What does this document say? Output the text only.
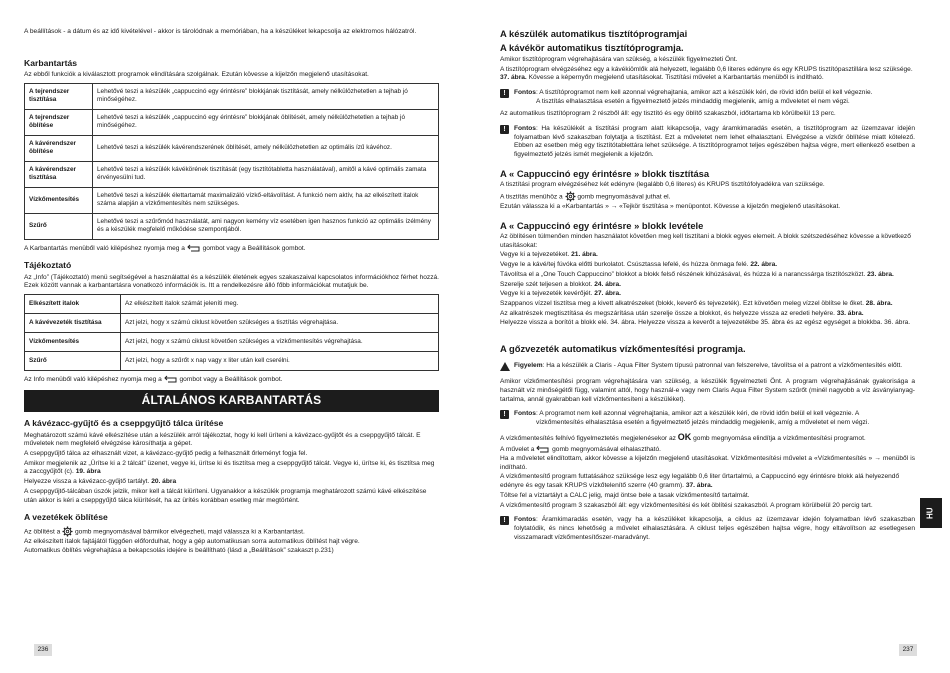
A beállítások - a dátum és az idő kivételével - akkor is tárolódnak a memóriában, ha a készüléket lekapcsolja az elektromos hálózatról.

Karbantartás

Az ebből funkciók a kiválasztott programok elindítására szolgálnak. Ezután kövesse a kijelzőn megjelenő utasításokat.

A tejrendszer tisztítása	Lehetővé teszi a készülék „cappuccinó egy érintésre” blokkjának tisztítását, amely nélkülözhetetlen a tejhab jó minőségéhez.
A tejrendszer öblítése	Lehetővé teszi a készülék „cappuccinó egy érintésre” blokkjának öblítését, amely nélkülözhetetlen a tejhab jó minőségéhez.
A kávérendszer öblítése	Lehetővé teszi a készülék kávérendszerének öblítését, amely nélkülözhetetlen az optimális ízű kávéhoz.
A kávérendszer tisztítása	Lehetővé teszi a készülék kávékörének tisztítását (egy tisztítótabletta használatával), amitől a kávé optimális zamata érvényesülni tud.
Vízkőmentesítés	Lehetővé teszi a készülék élettartamát maximalizáló vízkő-eltávolítást. A funkció nem aktív, ha az elkészített italok száma alapján a vízkőmentesítés nem szükséges.
Szűrő	Lehetővé teszi a szűrőmód használatát, ami nagyon kemény víz esetében igen hasznos funkció az optimális ízélmény és a készülék megfelelő működése szempontjából.

A Karbantartás menüből való kilépéshez nyomja meg a	gombot vagy a Beállítások gombot.

Tájékoztató

Az „Info” (Tájékoztató) menü segítségével a használattal és a készülék életének egyes szakaszaival kapcsolatos információkhoz férhet hozzá. Ezek között vannak a karbantartásra vonatkozó információk is. Itt a rendelkezésre álló főbb információkat mutatjuk be.

Elkészített italok	Az elkészített italok számát jeleníti meg.
A kávévezeték tisztítása	Azt jelzi, hogy x számú ciklust követően szükséges a tisztítás végrehajtása.
Vízkőmentesítés	Azt jelzi, hogy x számú ciklust követően szükséges a vízkőmentesítés végrehajtása.
Szűrő	Azt jelzi, hogy a szűrőt x nap vagy x liter után kell cserélni.

Az Info menüből való kilépéshez nyomja meg a	gombot vagy a Beállítások gombot.

ÁLTALÁNOS KARBANTARTÁS
A kávézacc-gyűjtő és a cseppgyűjtő tálca ürítése

Meghatározott számú kávé elkészítése után a készülék arról tájékoztat, hogy ki kell üríteni a kávézacc-gyűjtőt és a cseppgyűjtő tálcát. E műveletek nem megfelelő elvégzése károsíthatja a gépet.

A cseppgyűjtő tálca az elhasznált vizet, a kávézacc-gyűjtő pedig a felhasznált őrleményt fogja fel.

Amikor megjelenik az „Ürítse ki a 2 tálcát” üzenet, vegye ki, ürítse ki és tisztítsa meg a cseppgyűjtő tálcát. Vegye ki, ürítse ki, és tisztítsa meg a zaccgyűjtőt (c). 19. ábra

Helyezze vissza a kávézacc-gyűjtő tartályt. 20. ábra

A cseppgyűjtő-tálcában úszók jelzik, mikor kell a tálcát kiüríteni. Ugyanakkor a készülék programja meghatározott számú kávé elkészítése után akkor is kéri a cseppgyűjtő tálca kiürítését, ha az ürítés korábban esetleg már megtörtént.

A vezetékek öblítése

Az öblítést a gomb megnyomásával bármikor elvégezheti, majd válassza ki a Karbantartást.

Az elkészített italok fajtájától függően előfordulhat, hogy a gép automatikusan sorra automatikus öblítést hajt végre.

Automatikus öblítés végrehajtása a bekapcsolás idejére is beállítható (lásd a „Beállítások” szakaszt p.231)

236
A készülék automatikus tisztítóprogramjai
A kávékör automatikus tisztítóprogramja.

Amikor tisztítóprogram végrehajtására van szükség, a készülék figyelmezteti Önt.

A tisztítóprogram elvégzéséhez egy a kávékiömlők alá helyezett, legalább 0,6 literes edényre és egy KRUPS tisztítópasztillára lesz szüksége. 37. ábra. Kövesse a képernyőn megjelenő utasításokat. Tisztítási művelet a Karbantartás menüből is indítható.

!	Fontos: A tisztítóprogramot nem kell azonnal végrehajtania, amikor azt a készülék kéri, de rövid időn belül el kell végeznie.
A tisztítás elhalasztása esetén a figyelmeztető jelzés mindaddig megjelenik, amíg a műveletet el nem végzi.

Az automatikus tisztítóprogram 2 részből áll: egy tisztító és egy öblítő szakaszból, időtartama kb körülbelül 13 perc.

!	Fontos: Ha készülékét a tisztítási program alatt kikapcsolja, vagy áramkimaradás esetén, a tisztítóprogram az üzemzavar idején folyamatban lévő szakaszban folytatja a tisztítást. Ezt a műveletet nem lehet elhalasztani. Elvégzése a vízkőr öblítése miatt kötelező. Ebben az esetben még egy tisztítótablettára lehet szüksége. A tisztítóprogramot teljes egészében hajtsa végre, mert ellenkező esetben a figyelmeztető jelzés ismét megjelenik a kijelzőn.
A « Cappuccinó egy érintésre » blokk tisztítása

A tisztítási program elvégzéséhez két edényre (legalább 0,6 literes) és KRUPS tisztítófolyadékra van szüksége.

A tisztítás menühöz a gomb megnyomásával juthat el.

Ezután válassza ki a «Karbantartás » → «Tejkör tisztítása » menüpontot. Kövesse a kijelzőn megjelenő utasításokat.

A « Cappuccinó egy érintésre » blokk levétele

Az öblítésen túlmenően minden használatot követően meg kell tisztítani a blokk egyes elemeit. A blokk szétszedéséhez kövesse a következő utasításokat:

Vegye ki a tejvezetéket. 21. ábra.

Vegye le a kávé/tej fúvóka előtti burkolatot. Csúsztassa lefelé, és húzza önmaga felé. 22. ábra.

Távolítsa el a „One Touch Cappuccino” blokkot a blokk felső részének kihúzásával, és húzza ki a narancssárga tisztítószközt. 23. ábra.

Szerelje szét teljesen a blokkot. 24. ábra.

Vegye ki a tejvezeték kevérőjét. 27. ábra.

Szappanos vízzel tisztítsa meg a kivett alkatrészeket (blokk, keverő és tejvezeték). Ezt követően meleg vízzel öblítse le őket. 28. ábra.

Az alkatrészek megtisztítása és megszárítása után szerelje össze a blokkot, és helyezze vissza az eredeti helyére. 33. ábra.

Helyezze vissza a borítót a blokk elé. 34. ábra. Helyezze vissza a keverőt a tejvezetékbe 35. ábra és az egész egységet a blokkba. 36. ábra.

A gőzvezeték automatikus vízkőmentesítési programja.
Figyelem: Ha a készülék a Claris - Aqua Filter System típusú patronnal van felszerelve, távolítsa el a patront a vízkőmentesítés előtt.

Amikor vízkőmentesítési program végrehajtására van szükség, a készülék figyelmezteti Önt. A program végrehajtásának gyakorisága a használt víz minőségétől függ, valamint attól, hogy használ-e vagy nem Claris Aqua Filter System szűrőt (minél nagyobb a víz ásványianyag-tartalma, annál gyakrabban kell vízkőmentesíteni a készüléket).

!	Fontos: A programot nem kell azonnal végrehajtania, amikor azt a készülék kéri, de rövid időn belül el kell végeznie. A
vízkőmentesítés elhalasztása esetén a figyelmeztető jelzés mindaddig megjelenik, amíg a műveletet el nem végzi.

A vízkőmentesítés felhívó figyelmeztetés megjelenésekor az OK gomb megnyomása elindítja a vízkőmentesítési programot.

A művelet a	gomb megnyomásával elhalasztható.

Ha a műveletet elindítottam, akkor kövesse a kijelzőn megjelenő utasításokat. Vízkőmentesítési művelet a «Vízkőmentesítés » → menüből is indítható.

A vízkőmentesítő program futtatásához szüksége lesz egy legalább 0,6 liter űrtartalmú, a Cappuccinó egy érintésre blokk alá helyezendő edényre és egy tasak KRUPS vízkőtelenítő szerre (40 gramm). 37. ábra.

Töltse fel a víztartályt a CALC jelig, majd öntse bele a tasak vízkőmentesítő tartalmát.

A vízkőmentesítő program 3 szakaszból áll: egy vízkőmentesítési és két öblítési szakaszból. A program körülbelül 20 percig tart.

!	Fontos: Áramkimaradás esetén, vagy ha a készüléket kikapcsolja, a ciklus az üzemzavar idején folyamatban lévő szakaszban folytatódik, és nincs lehetőség a művelet elhalasztására. A ciklust teljes egészében hajtsa végre, hogy eltávolítson az esetlegesen visszamaradt vízkőmentesítőszer-maradványt.
HU
237
